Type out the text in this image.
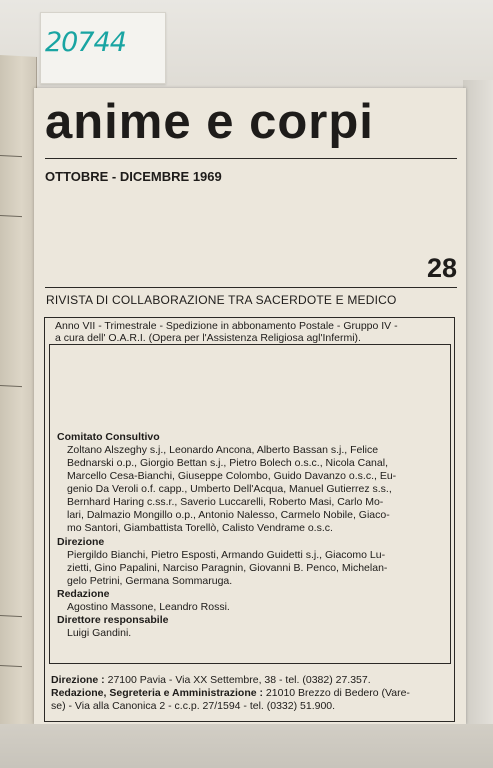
20744
anime e corpi
OTTOBRE - DICEMBRE 1969
28
RIVISTA DI COLLABORAZIONE TRA SACERDOTE E MEDICO
Anno VII - Trimestrale - Spedizione in abbonamento Postale - Gruppo IV -
a cura dell' O.A.R.I. (Opera per l'Assistenza Religiosa agl'Infermi).
Comitato Consultivo
Zoltano Alszeghy s.j., Leonardo Ancona, Alberto Bassan s.j., Felice
Bednarski o.p., Giorgio Bettan s.j., Pietro Bolech o.s.c., Nicola Canal,
Marcello Cesa-Bianchi, Giuseppe Colombo, Guido Davanzo o.s.c., Eu-
genio Da Veroli o.f. capp., Umberto Dell'Acqua, Manuel Gutierrez s.s.,
Bernhard Haring c.ss.r., Saverio Luccarelli, Roberto Masi, Carlo Mo-
lari, Dalmazio Mongillo o.p., Antonio Nalesso, Carmelo Nobile, Giaco-
mo Santori, Giambattista Torellò, Calisto Vendrame o.s.c.
Direzione
Piergildo Bianchi, Pietro Esposti, Armando Guidetti s.j., Giacomo Lu-
zietti, Gino Papalini, Narciso Paragnin, Giovanni B. Penco, Michelan-
gelo Petrini, Germana Sommaruga.
Redazione
Agostino Massone, Leandro Rossi.
Direttore responsabile
Luigi Gandini.
Direzione : 27100 Pavia - Via XX Settembre, 38 - tel. (0382) 27.357.
Redazione, Segreteria e Amministrazione : 21010 Brezzo di Bedero (Vare-
se) - Via alla Canonica 2 - c.c.p. 27/1594 - tel. (0332) 51.900.
